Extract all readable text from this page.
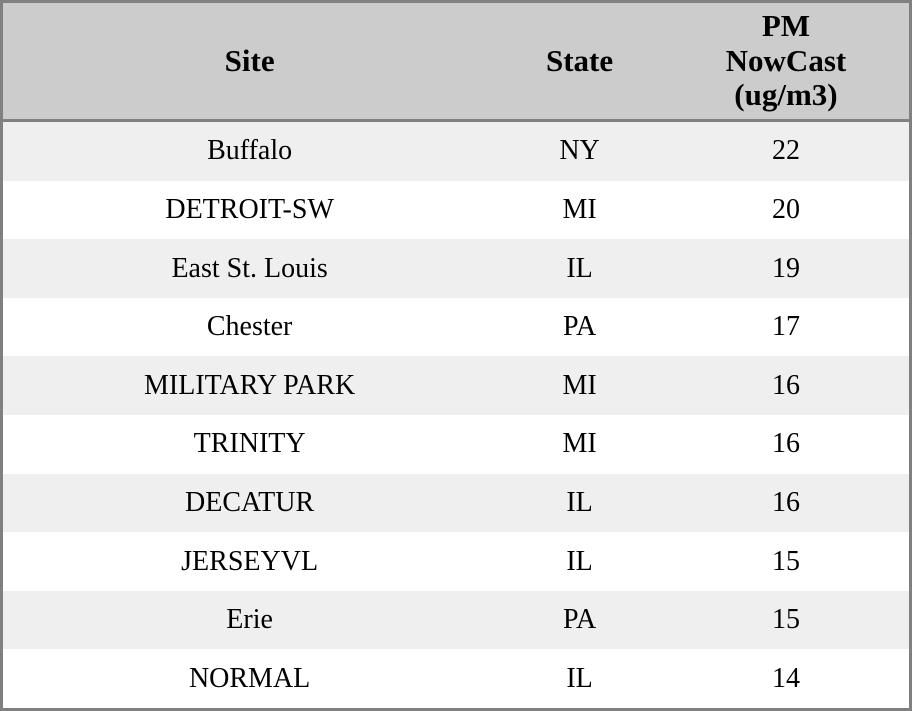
Site	State	PM
NowCast
(ug/m3)

Buffalo	NY	22
DETROIT-SW	MI	20
East St. Louis	IL	19
Chester	PA	17
MILITARY PARK	MI	16
TRINITY	MI	16
DECATUR	IL	16
JERSEYVL	IL	15
Erie	PA	15
NORMAL	IL	14
